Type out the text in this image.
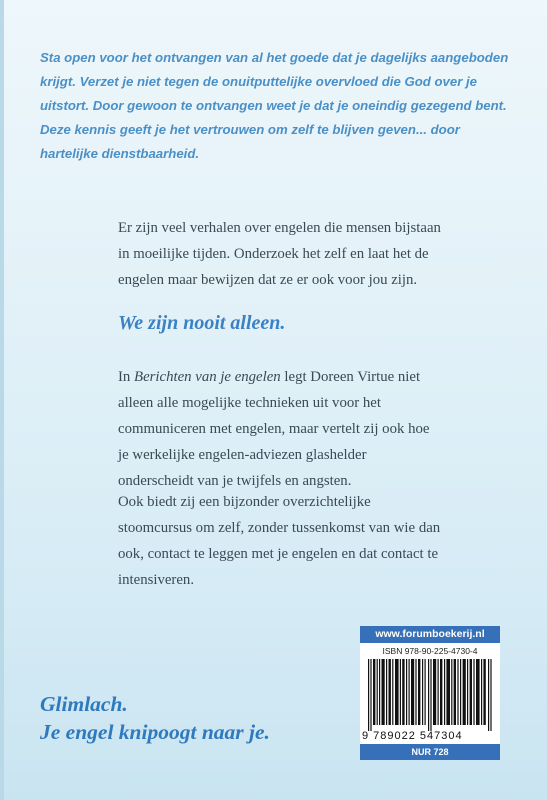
Sta open voor het ontvangen van al het goede dat je dagelijks aangeboden krijgt. Verzet je niet tegen de onuitputtelijke overvloed die God over je uitstort. Door gewoon te ontvangen weet je dat je oneindig gezegend bent. Deze kennis geeft je het vertrouwen om zelf te blijven geven... door hartelijke dienstbaarheid.

Er zijn veel verhalen over engelen die mensen bijstaan in moeilijke tijden. Onderzoek het zelf en laat het de engelen maar bewijzen dat ze er ook voor jou zijn.

We zijn nooit alleen.

In Berichten van je engelen legt Doreen Virtue niet alleen alle mogelijke technieken uit voor het communiceren met engelen, maar vertelt zij ook hoe je werkelijke engelen-adviezen glashelder onderscheidt van je twijfels en angsten.

Ook biedt zij een bijzonder overzichtelijke stoomcursus om zelf, zonder tussenkomst van wie dan ook, contact te leggen met je engelen en dat contact te intensiveren.

Glimlach.
Je engel knipoogt naar je.

www.forumboekerij.nl
ISBN 978-90-225-4730-4
9 789022 547304
NUR 728
